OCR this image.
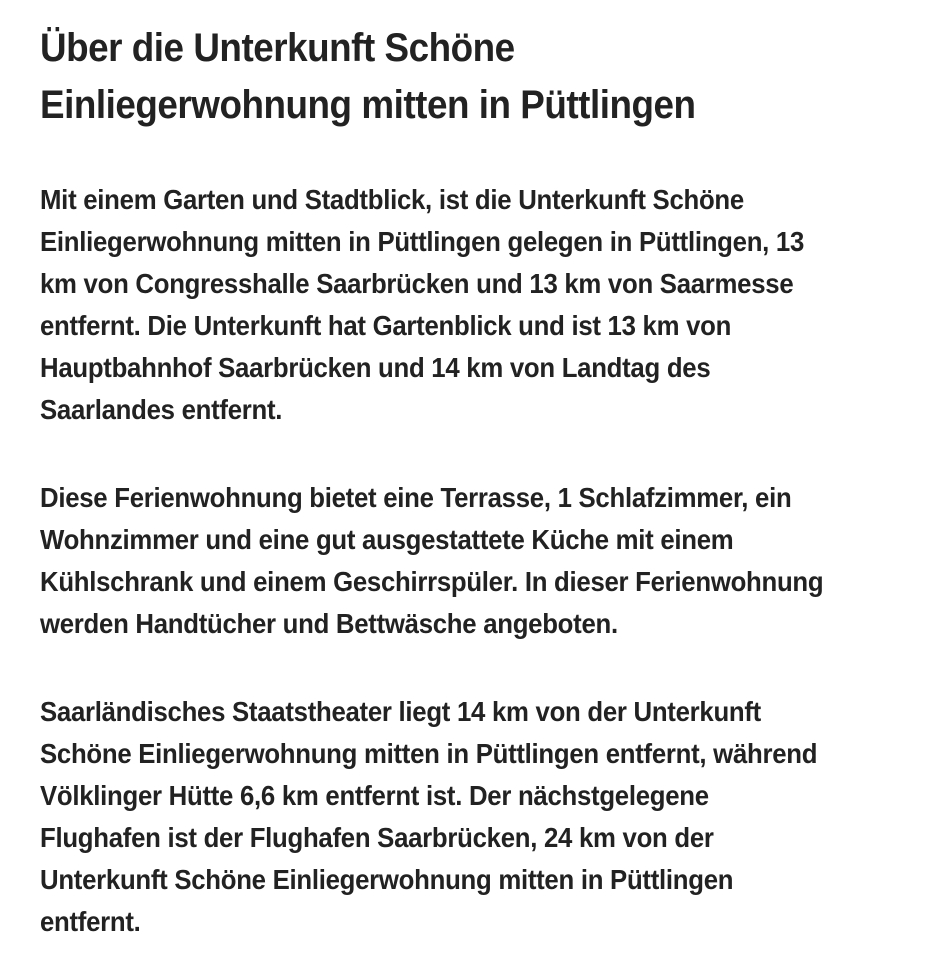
Über die Unterkunft Schöne
Einliegerwohnung mitten in Püttlingen

Mit einem Garten und Stadtblick, ist die Unterkunft Schöne
Einliegerwohnung mitten in Püttlingen gelegen in Püttlingen, 13
km von Congresshalle Saarbrücken und 13 km von Saarmesse
entfernt. Die Unterkunft hat Gartenblick und ist 13 km von
Hauptbahnhof Saarbrücken und 14 km von Landtag des
Saarlandes entfernt.

Diese Ferienwohnung bietet eine Terrasse, 1 Schlafzimmer, ein
Wohnzimmer und eine gut ausgestattete Küche mit einem
Kühlschrank und einem Geschirrspüler. In dieser Ferienwohnung
werden Handtücher und Bettwäsche angeboten.

Saarländisches Staatstheater liegt 14 km von der Unterkunft
Schöne Einliegerwohnung mitten in Püttlingen entfernt, während
Völklinger Hütte 6,6 km entfernt ist. Der nächstgelegene
Flughafen ist der Flughafen Saarbrücken, 24 km von der
Unterkunft Schöne Einliegerwohnung mitten in Püttlingen
entfernt.
